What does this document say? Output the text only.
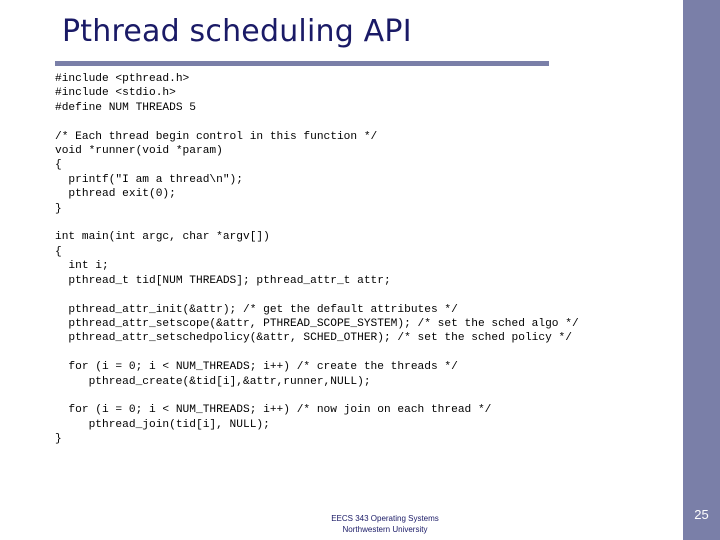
Pthread scheduling API
#include <pthread.h>
#include <stdio.h>
#define NUM THREADS 5

/* Each thread begin control in this function */
void *runner(void *param)
{
printf("I am a thread\n");
pthread exit(0);
}

int main(int argc, char *argv[])
{
int i;
pthread_t tid[NUM THREADS]; pthread_attr_t attr;

pthread_attr_init(&attr); /* get the default attributes */
pthread_attr_setscope(&attr, PTHREAD_SCOPE_SYSTEM); /* set the sched algo */
pthread_attr_setschedpolicy(&attr, SCHED_OTHER); /* set the sched policy */

for (i = 0; i < NUM_THREADS; i++) /* create the threads */
pthread_create(&tid[i],&attr,runner,NULL);

for (i = 0; i < NUM_THREADS; i++) /* now join on each thread */
pthread_join(tid[i], NULL);
}
EECS 343 Operating Systems
Northwestern University
25
